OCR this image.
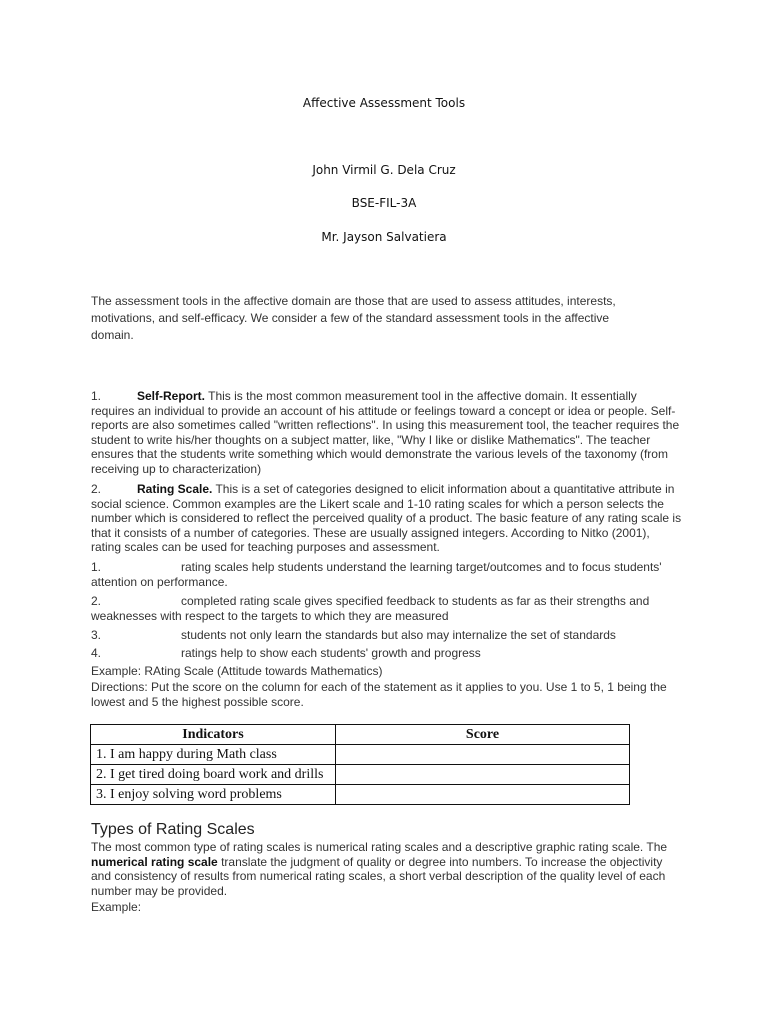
Affective Assessment Tools
John Virmil G. Dela Cruz
BSE-FIL-3A
Mr. Jayson Salvatiera

The assessment tools in the affective domain are those that are used to assess attitudes, interests, motivations, and self-efficacy. We consider a few of the standard assessment tools in the affective domain.

1.	Self-Report. This is the most common measurement tool in the affective domain. It essentially requires an individual to provide an account of his attitude or feelings toward a concept or idea or people. Self-reports are also sometimes called "written reflections". In using this measurement tool, the teacher requires the student to write his/her thoughts on a subject matter, like, "Why I like or dislike Mathematics". The teacher ensures that the students write something which would demonstrate the various levels of the taxonomy (from receiving up to characterization)

2.	Rating Scale. This is a set of categories designed to elicit information about a quantitative attribute in social science. Common examples are the Likert scale and 1-10 rating scales for which a person selects the number which is considered to reflect the perceived quality of a product. The basic feature of any rating scale is that it consists of a number of categories. These are usually assigned integers. According to Nitko (2001), rating scales can be used for teaching purposes and assessment.

1.	rating scales help students understand the learning target/outcomes and to focus students' attention on performance.

2.	completed rating scale gives specified feedback to students as far as their strengths and weaknesses with respect to the targets to which they are measured

3.	students not only learn the standards but also may internalize the set of standards

4.	ratings help to show each students' growth and progress

Example: RAting Scale (Attitude towards Mathematics)

Directions: Put the score on the column for each of the statement as it applies to you. Use 1 to 5, 1 being the lowest and 5 the highest possible score.

Indicators	Score
1. I am happy during Math class	
2. I get tired doing board work and drills	
3. I enjoy solving word problems	
Types of Rating Scales

The most common type of rating scales is numerical rating scales and a descriptive graphic rating scale. The numerical rating scale translate the judgment of quality or degree into numbers. To increase the objectivity and consistency of results from numerical rating scales, a short verbal description of the quality level of each number may be provided.

Example:
